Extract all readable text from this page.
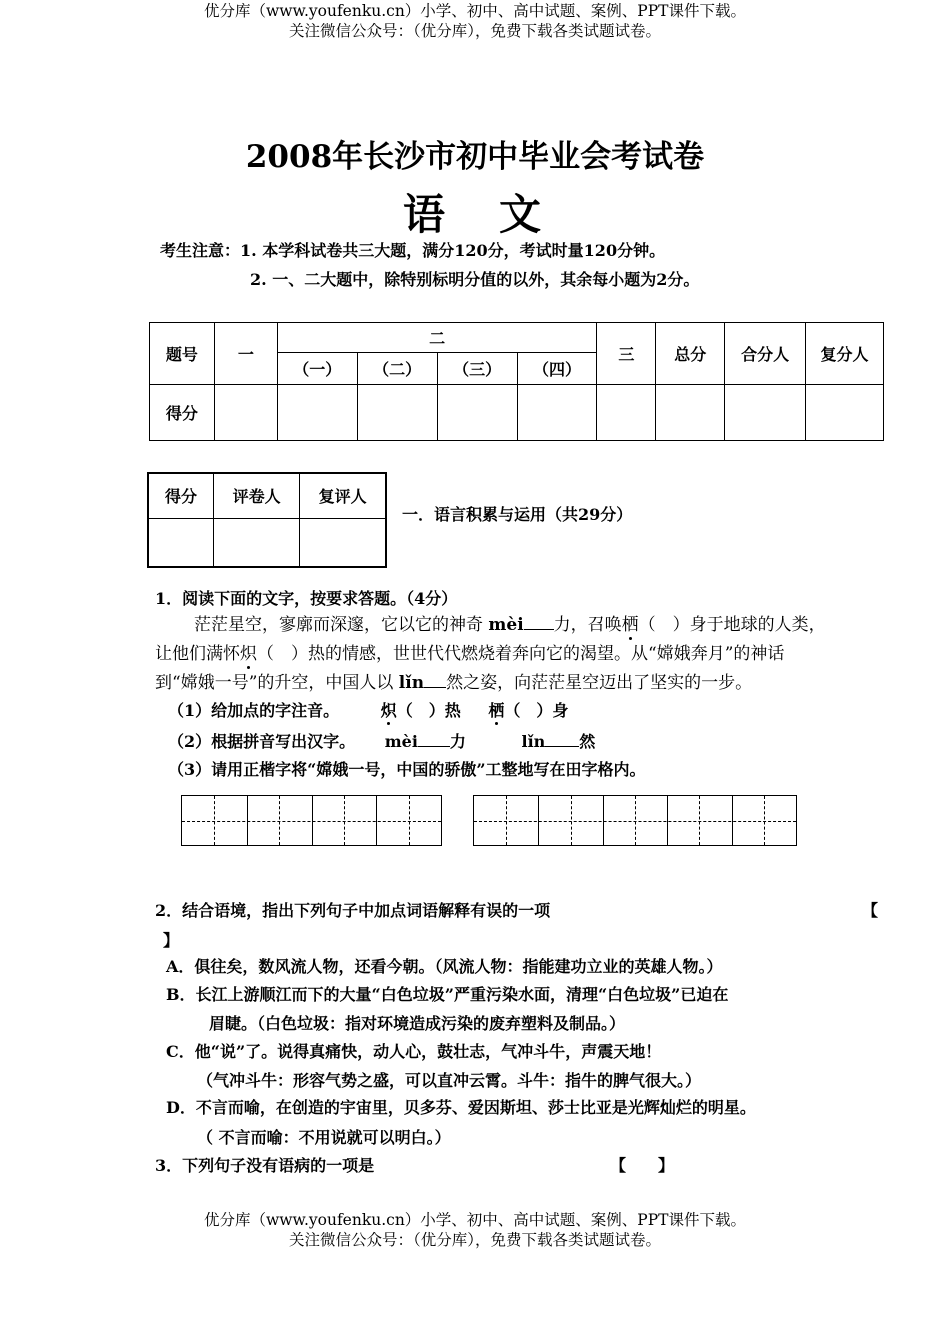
优分库（www.youfenku.cn）小学、初中、高中试题、案例、PPT课件下载。
关注微信公众号：（优分库），免费下载各类试题试卷。
2008年长沙市初中毕业会考试卷
语　文
考生注意：1. 本学科试卷共三大题，满分120分，考试时量120分钟。
2. 一、二大题中，除特别标明分值的以外，其余每小题为2分。
题号	一	二				三	总分	合分人	复分人
		（一）	（二）	（三）	（四）				
得分									
得分	评卷人	复评人

一．语言积累与运用（共29分）
1．阅读下面的文字，按要求答题。（4分）
茫茫星空，寥廓而深邃，它以它的神奇 mèi 力，召唤栖（　）身于地球的人类，
让他们满怀炽（　）热的情感，世世代代燃烧着奔向它的渴望。从“嫦娥奔月”的神话
到“嫦娥一号”的升空，中国人以 lǐn 然之姿，向茫茫星空迈出了坚实的一步。
（1）给加点的字注音。	炽（　）热 栖（　）身
（2）根据拼音写出汉字。 mèi 力	lǐn 然
（3）请用正楷字将“嫦娥一号，中国的骄傲”工整地写在田字格内。
2．结合语境，指出下列句子中加点词语解释有误的一项	【
】
A．俱往矣，数风流人物，还看今朝。（风流人物：指能建功立业的英雄人物。）
B．长江上游顺江而下的大量“白色垃圾”严重污染水面，清理“白色垃圾”已迫在
眉睫。（白色垃圾：指对环境造成污染的废弃塑料及制品。）
C．他“说”了。说得真痛快，动人心，鼓壮志，气冲斗牛，声震天地！
（气冲斗牛：形容气势之盛，可以直冲云霄。斗牛：指牛的脾气很大。）
D．不言而喻，在创造的宇宙里，贝多芬、爱因斯坦、莎士比亚是光辉灿烂的明星。
（ 不言而喻：不用说就可以明白。）
3．下列句子没有语病的一项是	【　　】
优分库（www.youfenku.cn）小学、初中、高中试题、案例、PPT课件下载。
关注微信公众号：（优分库），免费下载各类试题试卷。
